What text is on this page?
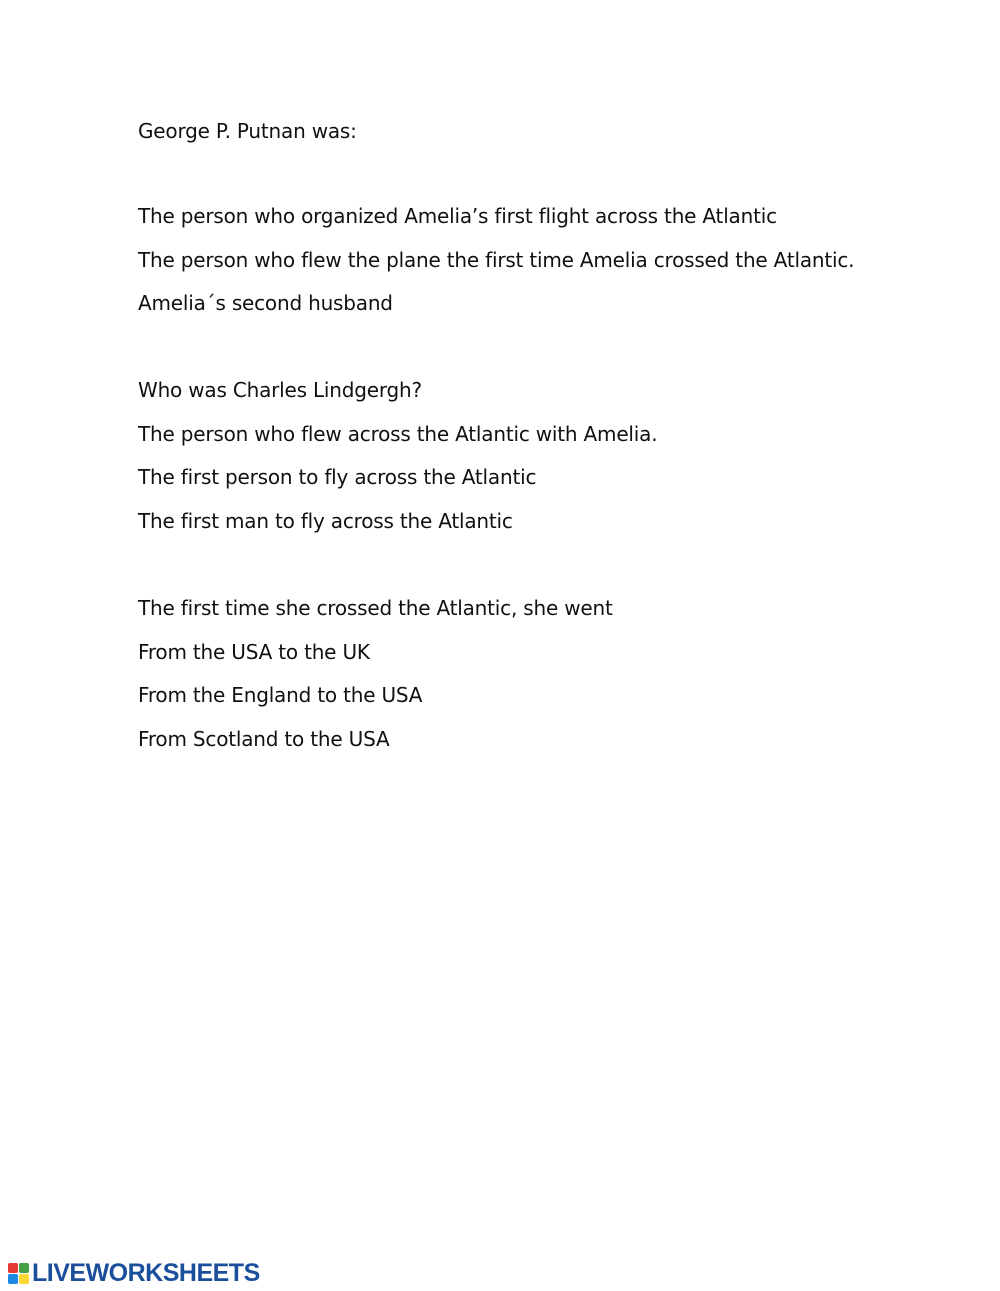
George P. Putnan was:

The person who organized Amelia’s first flight across the Atlantic

The person who flew the plane the first time Amelia crossed the Atlantic.

Amelia´s second husband

Who was Charles Lindgergh?

The person who flew across the Atlantic with Amelia.

The first person to fly across the Atlantic

The first man to fly across the Atlantic

The first time she crossed the Atlantic, she went

From the USA to the UK

From the England to the USA

From Scotland to the USA

LIVEWORKSHEETS
